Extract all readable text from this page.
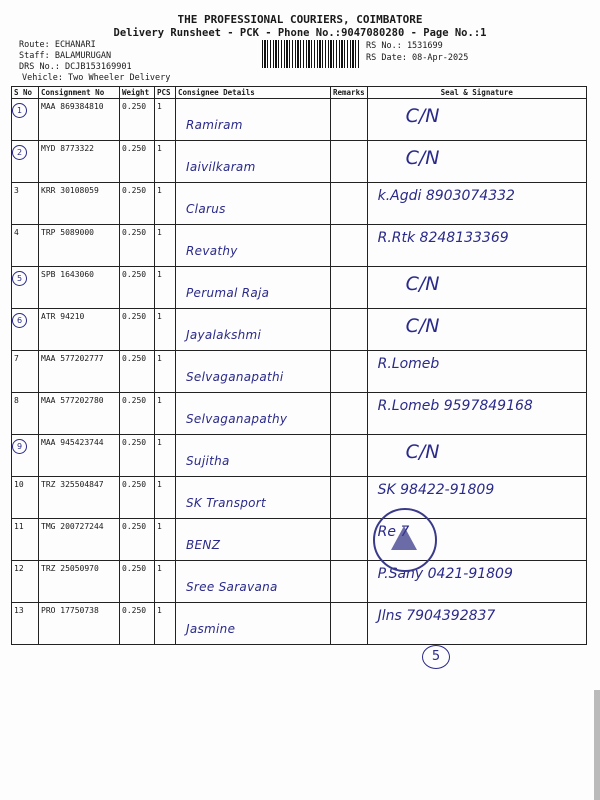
THE PROFESSIONAL COURIERS, COIMBATORE
Delivery Runsheet - PCK - Phone No.:9047080280 - Page No.:1
Route: ECHANARI
Staff: BALAMURUGAN
DRS No.: DCJB153169901
Vehicle: Two Wheeler Delivery
RS No.: 1531699
RS Date: 08-Apr-2025
S No	Consignment No	Weight	PCS	Consignee Details	Remarks	Seal & Signature

1	MAA 869384810	0.250	1	Ramiram		C/N

2	MYD 8773322	0.250	1	Iaivilkaram		C/N

3	KRR 30108059	0.250	1	Clarus		k.Agdi 8903074332

4	TRP 5089000	0.250	1	Revathy		R.Rtk 8248133369

5	SPB 1643060	0.250	1	Perumal Raja		C/N

6	ATR 94210	0.250	1	Jayalakshmi		C/N

7	MAA 577202777	0.250	1	Selvaganapathi		R.Lomeb

8	MAA 577202780	0.250	1	Selvaganapathy		R.Lomeb 9597849168

9	MAA 945423744	0.250	1	Sujitha		C/N

10	TRZ 325504847	0.250	1	SK Transport		SK 98422-91809

11	TMG 200727244	0.250	1	BENZ		Re 7

12	TRZ 25050970	0.250	1	Sree Saravana		P.Sany 0421-91809

13	PRO 17750738	0.250	1	Jasmine		Jlns 7904392837
5
